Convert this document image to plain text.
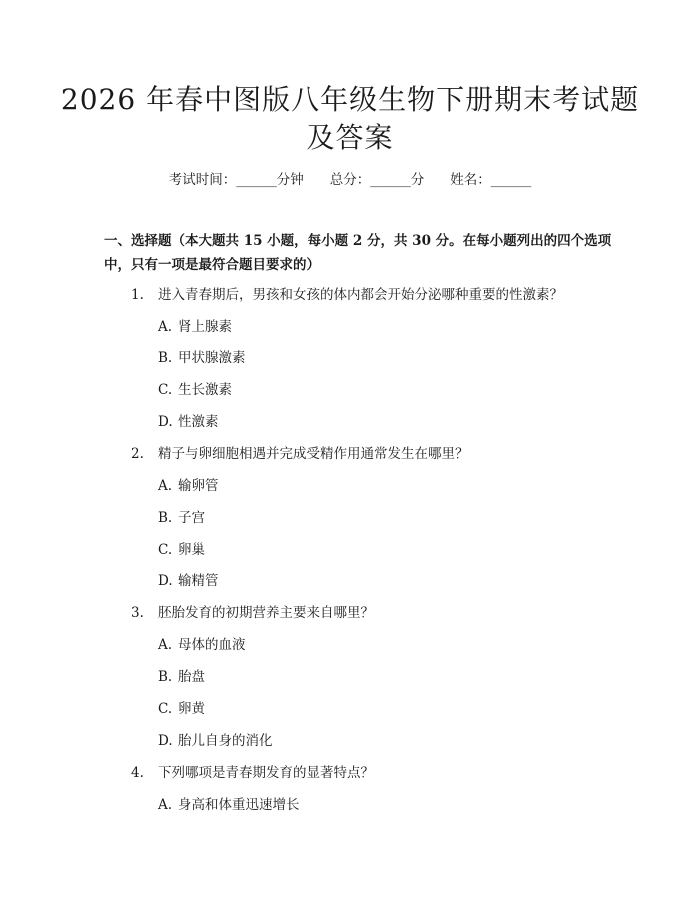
2026 年春中图版八年级生物下册期末考试题
及答案
考试时间：______分钟 总分：______分 姓名：______

一、选择题（本大题共 15 小题，每小题 2 分，共 30 分。在每小题列出的四个选项中，只有一项是最符合题目要求的）

1. 进入青春期后，男孩和女孩的体内都会开始分泌哪种重要的性激素？
A. 肾上腺素
B. 甲状腺激素
C. 生长激素
D. 性激素
2. 精子与卵细胞相遇并完成受精作用通常发生在哪里？
A. 输卵管
B. 子宫
C. 卵巢
D. 输精管
3. 胚胎发育的初期营养主要来自哪里？
A. 母体的血液
B. 胎盘
C. 卵黄
D. 胎儿自身的消化
4. 下列哪项是青春期发育的显著特点？
A. 身高和体重迅速增长
